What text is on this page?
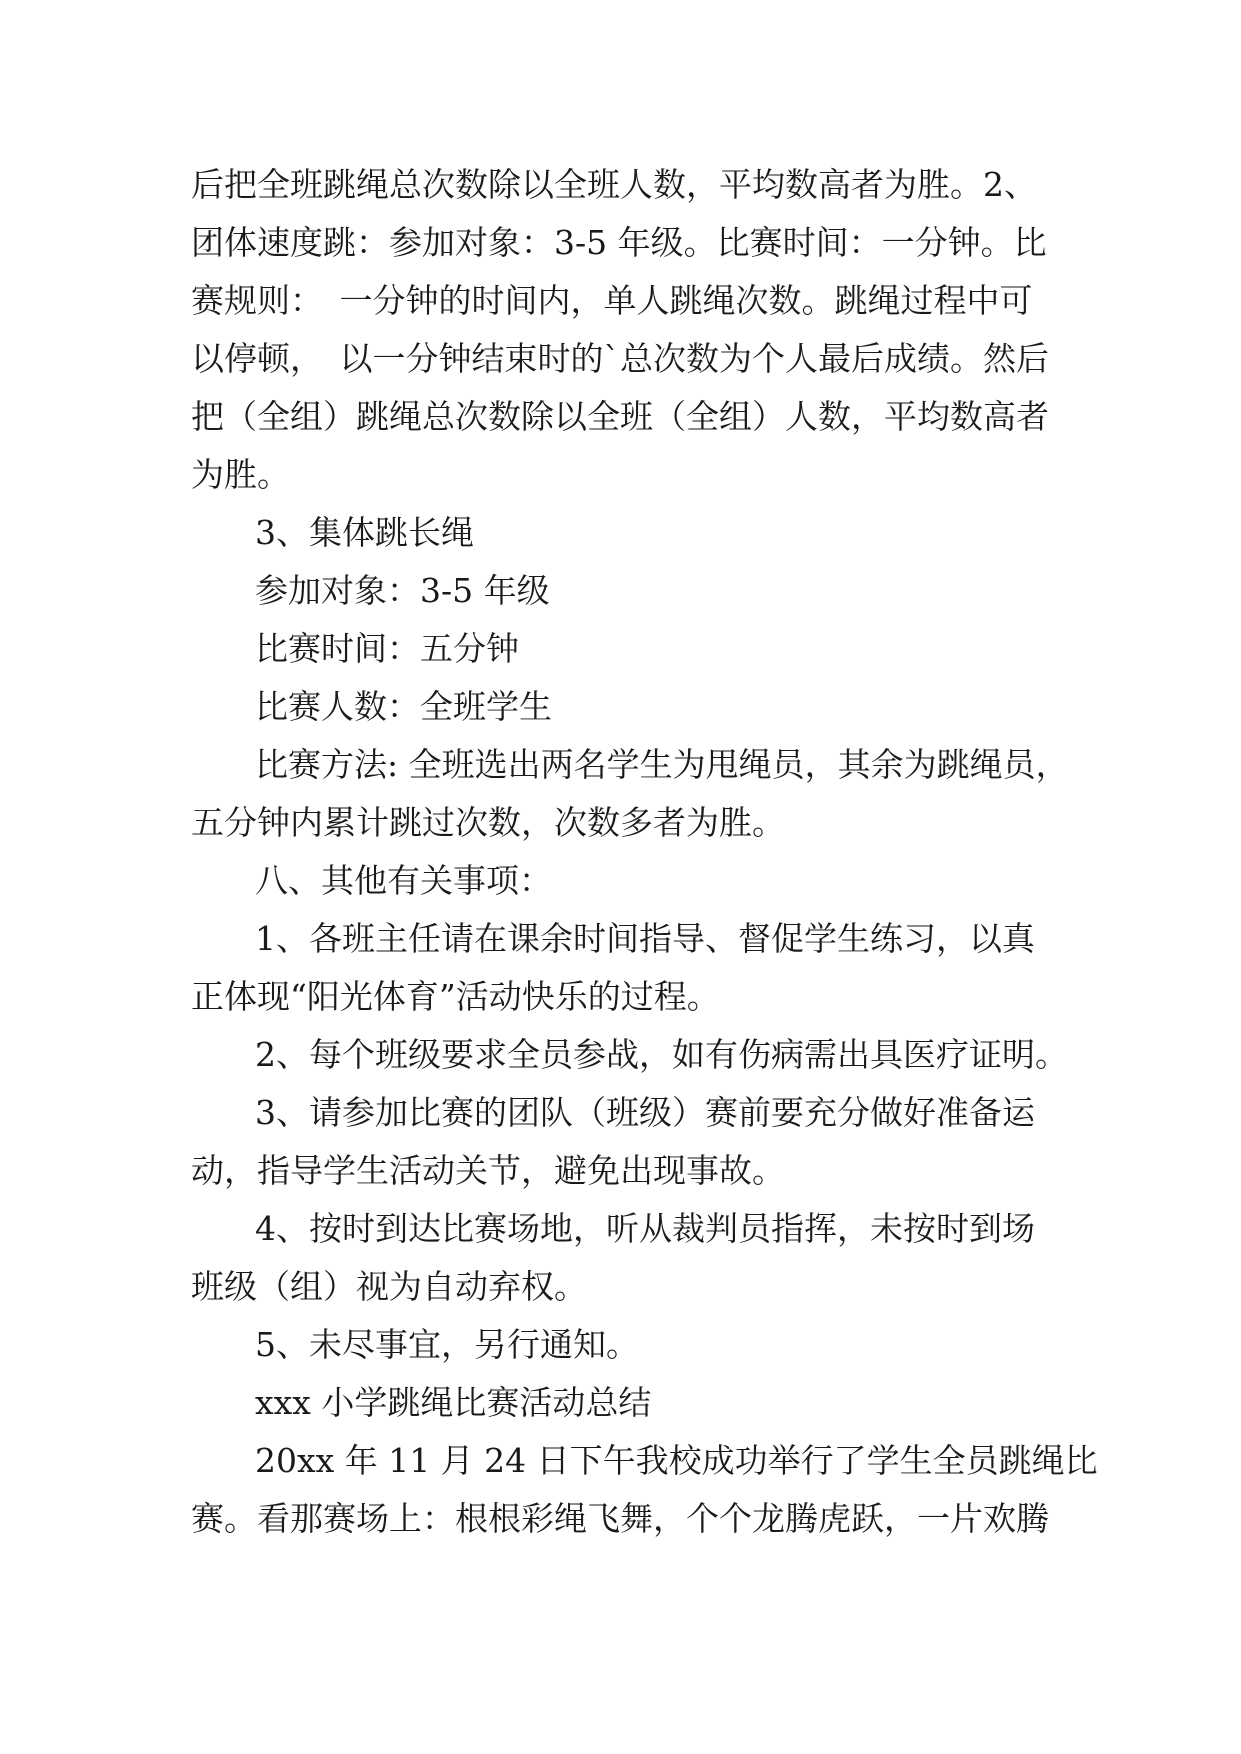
后把全班跳绳总次数除以全班人数，平均数高者为胜。2、
团体速度跳：参加对象：3-5 年级。比赛时间：一分钟。比
赛规则：　一分钟的时间内，单人跳绳次数。跳绳过程中可
以停顿，　以一分钟结束时的`总次数为个人最后成绩。然后
把（全组）跳绳总次数除以全班（全组）人数，平均数高者
为胜。
3、集体跳长绳
参加对象：3-5 年级
比赛时间：五分钟
比赛人数：全班学生
比赛方法: 全班选出两名学生为甩绳员，其余为跳绳员，
五分钟内累计跳过次数，次数多者为胜。
八、其他有关事项：
1、各班主任请在课余时间指导、督促学生练习，以真
正体现“阳光体育”活动快乐的过程。
2、每个班级要求全员参战，如有伤病需出具医疗证明。
3、请参加比赛的团队（班级）赛前要充分做好准备运
动，指导学生活动关节，避免出现事故。
4、按时到达比赛场地，听从裁判员指挥，未按时到场
班级（组）视为自动弃权。
5、未尽事宜，另行通知。
xxx 小学跳绳比赛活动总结
20xx 年 11 月 24 日下午我校成功举行了学生全员跳绳比
赛。看那赛场上：根根彩绳飞舞，个个龙腾虎跃，一片欢腾
